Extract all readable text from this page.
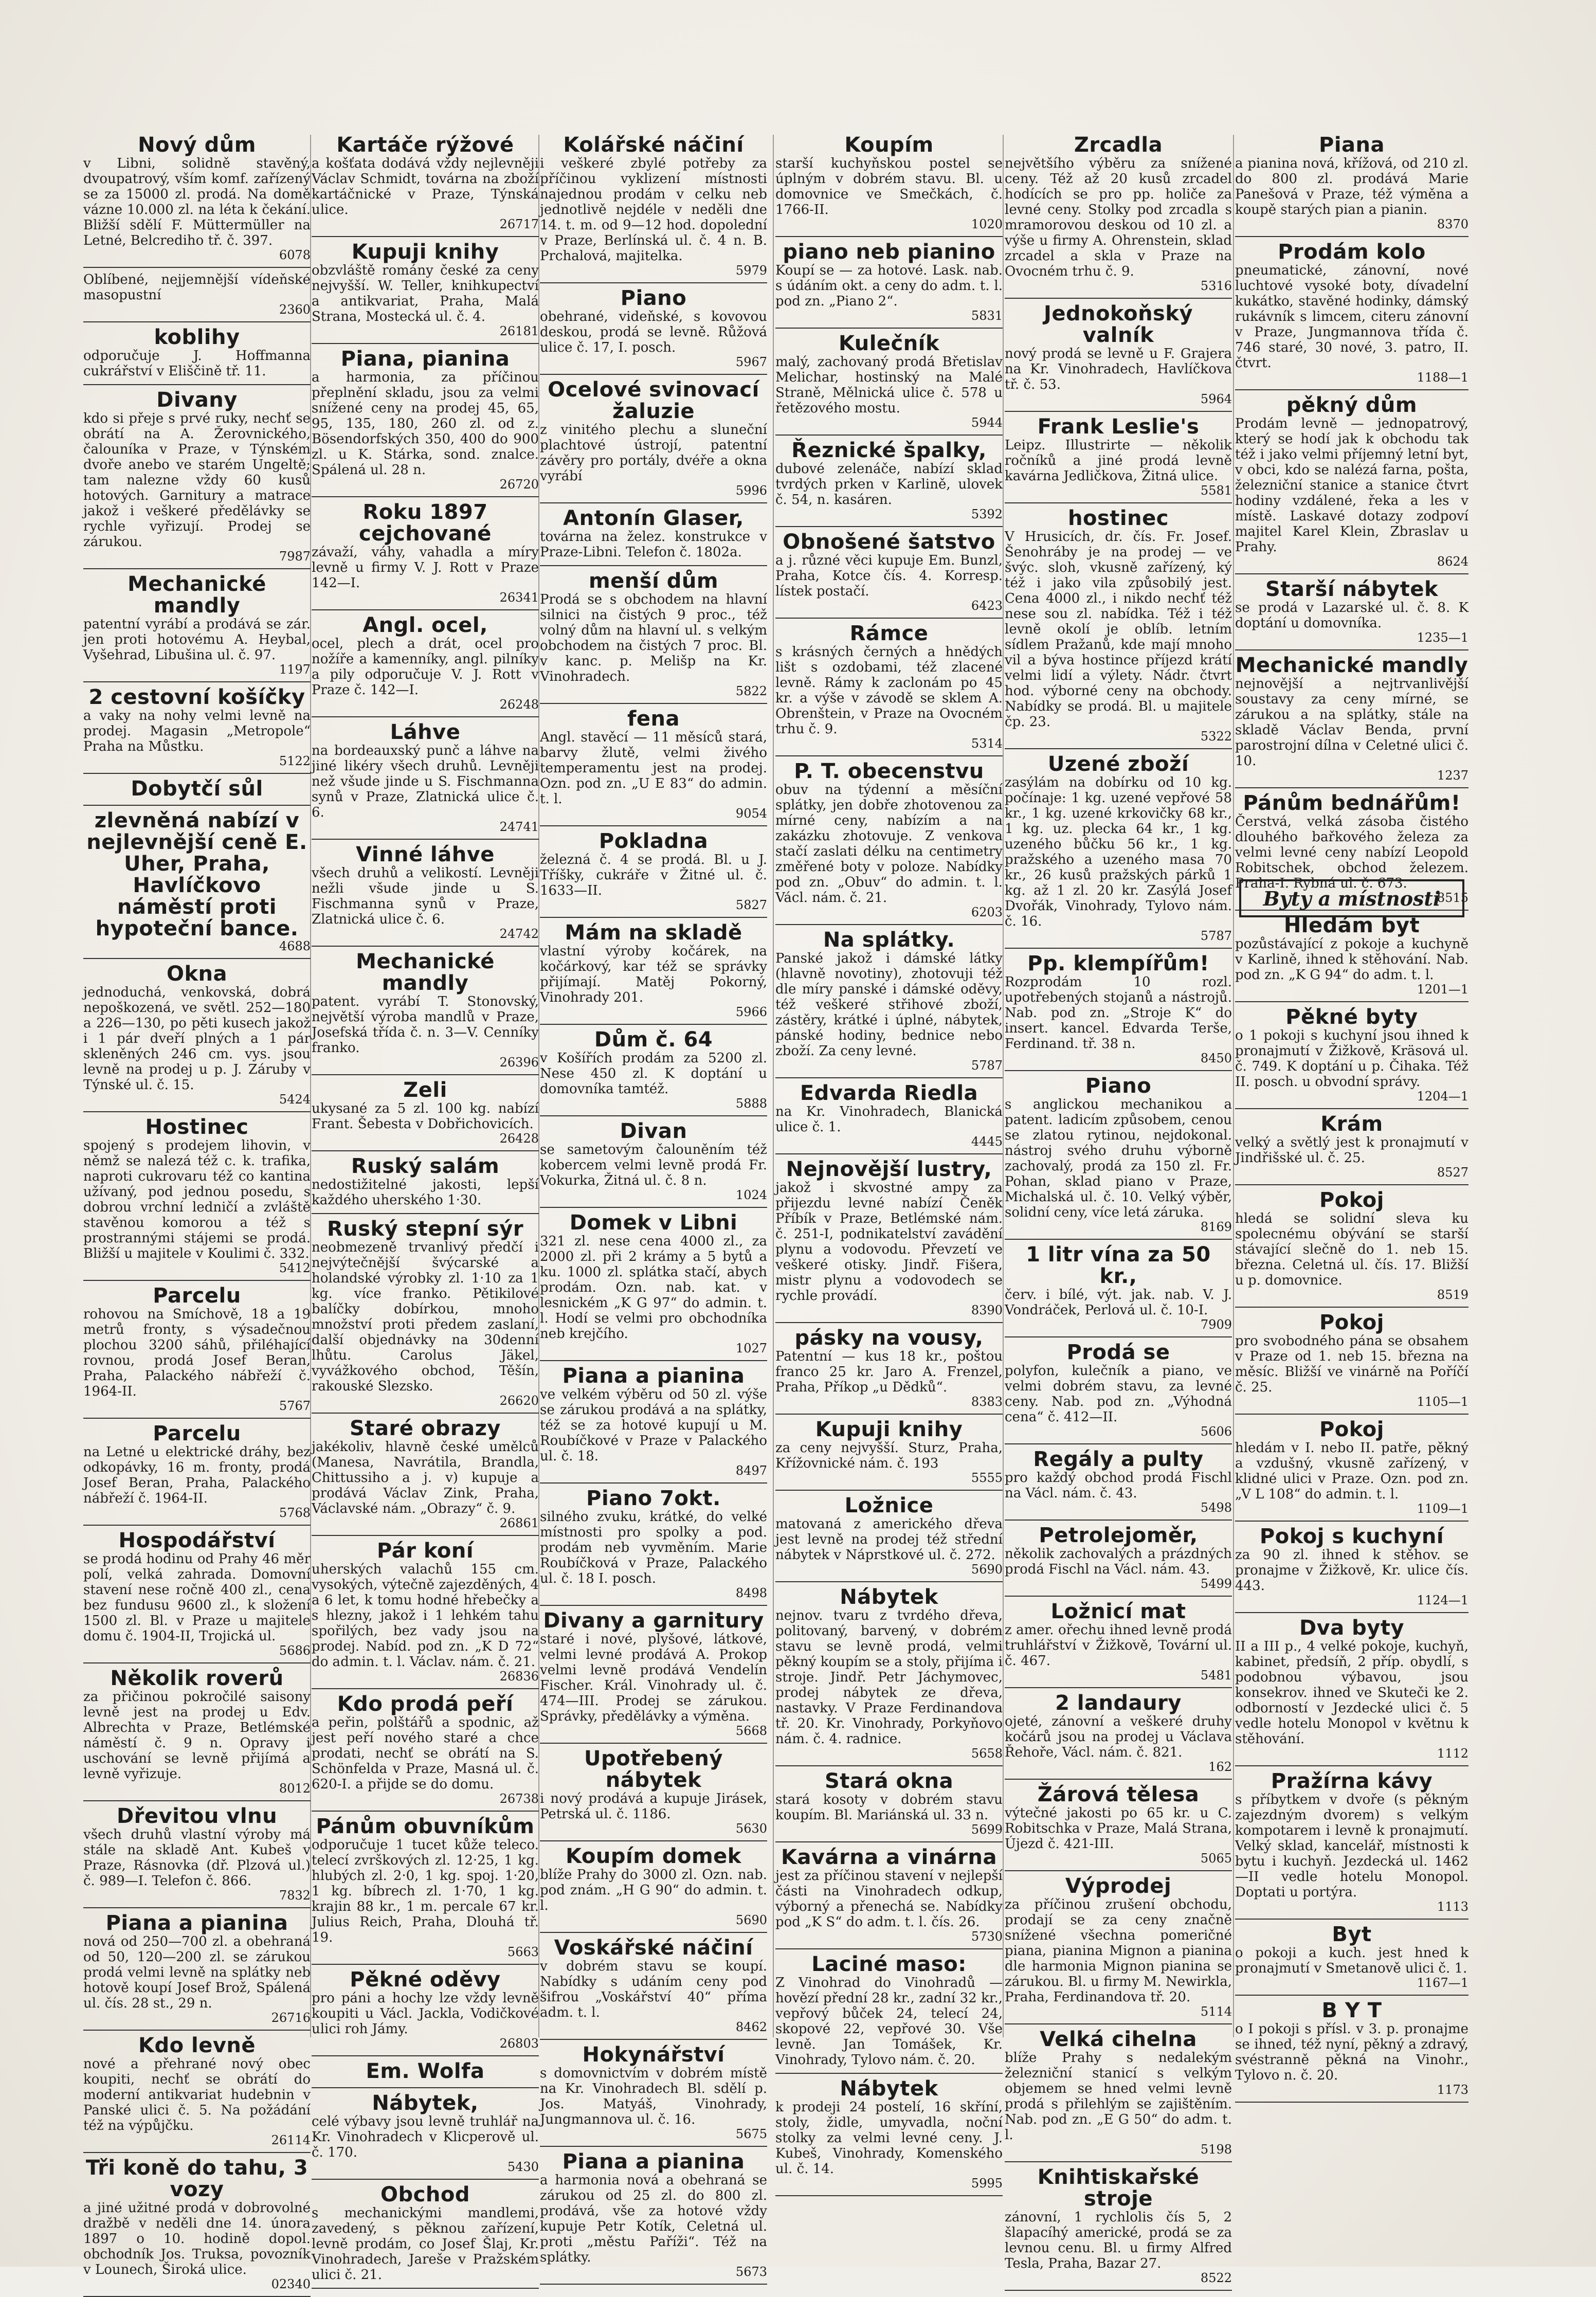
Nový dům

v Libni, solidně stavěný, dvoupatrový, vším komf. zařízený se za 15000 zl. prodá. Na domě vázne 10.000 zl. na léta k čekání. Bližší sdělí F. Müttermüller na Letné, Belcrediho tř. č. 397.

6078

Oblíbené, nejjemnější vídeňské masopustní

2360
koblihy

odporučuje J. Hoffmanna cukrářství v Eliščině tř. 11.

Divany

kdo si přeje s prvé ruky, nechť se obrátí na A. Žerovnického, čalouníka v Praze, v Týnském dvoře anebo ve starém Ungeltě; tam nalezne vždy 60 kusů hotových. Garnitury a matrace jakož i veškeré předělávky se rychle vyřizují. Prodej se zárukou.

7987
Mechanické mandly

patentní vyrábí a prodává se zár. jen proti hotovému A. Heybal, Vyšehrad, Libušina ul. č. 97.

1197
2 cestovní košíčky

a vaky na nohy velmi levně na prodej. Magasin „Metropole“ Praha na Můstku.

5122
Dobytčí sůl
zlevněná nabízí v nejlevnější ceně E. Uher, Praha, Havlíčkovo náměstí proti hypoteční bance.
4688
Okna

jednoduchá, venkovská, dobrá nepoškozená, ve světl. 252—180 a 226—130, po pěti kusech jakož i 1 pár dveří plných a 1 pár skleněných 246 cm. vys. jsou levně na prodej u p. J. Záruby v Týnské ul. č. 15.

5424
Hostinec

spojený s prodejem lihovin, v němž se nalezá též c. k. trafika, naproti cukrovaru též co kantina užívaný, pod jednou posedu, s dobrou vrchní ledničí a zvláště stavěnou komorou a též s prostrannými stájemi se prodá. Bližší u majitele v Koulimi č. 332.

5412
Parcelu

rohovou na Smíchově, 18 a 19 metrů fronty, s výsadečnou plochou 3200 sáhů, přiléhající rovnou, prodá Josef Beran, Praha, Palackého nábřeží č. 1964-II.

5767
Parcelu

na Letné u elektrické dráhy, bez odkopávky, 16 m. fronty, prodá Josef Beran, Praha, Palackého nábřeží č. 1964-II.

5768
Hospodářství

se prodá hodinu od Prahy 46 měr polí, velká zahrada. Domovní stavení nese ročně 400 zl., cena bez fundusu 9600 zl., k složení 1500 zl. Bl. v Praze u majitele domu č. 1904-II, Trojická ul.

5686
Několik roverů

za přičinou pokročilé saisony levně jest na prodej u Edv. Albrechta v Praze, Betlémské náměstí č. 9 n. Opravy i uschování se levně přijímá a levně vyřizuje.

8012
Dřevitou vlnu

všech druhů vlastní výroby má stále na skladě Ant. Kubeš v Praze, Rásnovka (dř. Plzová ul.) č. 989—I. Telefon č. 866.

7832
Piana a pianina

nová od 250—700 zl. a obehraná od 50, 120—200 zl. se zárukou prodá velmi levně na splátky neb hotově koupí Josef Brož, Spálená ul. čís. 28 st., 29 n.

26716
Kdo levně

nové a přehrané nový obec koupiti, nechť se obrátí do moderní antikvariat hudebnin v Panské ulici č. 5. Na požádání též na výpůjčku.

26114
Tři koně do tahu, 3 vozy

a jiné užitné prodá v dobrovolné dražbě v neděli dne 14. února 1897 o 10. hodině dopol. obchodník Jos. Truksa, povozník v Lounech, Široká ulice.

02340
Kartáče rýžové

a košťata dodává vždy nejlevněji Václav Schmidt, továrna na zboží kartáčnické v Praze, Týnská ulice.

26717
Kupuji knihy

obzvláště romány české za ceny nejvyšší. W. Teller, knihkupectví a antikvariat, Praha, Malá Strana, Mostecká ul. č. 4.

26181
Piana, pianina

a harmonia, za příčinou přeplnění skladu, jsou za velmi snížené ceny na prodej 45, 65, 95, 135, 180, 260 zl. od z. Bösendorfských 350, 400 do 900 zl. u K. Stárka, sond. znalce. Spálená ul. 28 n.

26720
Roku 1897 cejchované

závaží, váhy, vahadla a míry levně u firmy V. J. Rott v Praze 142—I.

26341
Angl. ocel,

ocel, plech a drát, ocel pro nožíře a kamenníky, angl. pilníky a pily odporučuje V. J. Rott v Praze č. 142—I.

26248
Láhve

na bordeauxský punč a láhve na jiné likéry všech druhů. Levněji než všude jinde u S. Fischmanna synů v Praze, Zlatnická ulice č. 6.

24741
Vinné láhve

všech druhů a velikostí. Levněji nežli všude jinde u S. Fischmanna synů v Praze, Zlatnická ulice č. 6.

24742
Mechanické mandly

patent. vyrábí T. Stonovský, největší výroba mandlů v Praze, Josefská třída č. n. 3—V. Cenníky franko.

26396
Zeli

ukysané za 5 zl. 100 kg. nabízí Frant. Šebesta v Dobřichovicích.

26428
Ruský salám

nedostižitelné jakosti, lepší každého uherského 1·30.

Ruský stepní sýr

neobmezeně trvanlivý předčí i nejvýtečnější švýcarské a holandské výrobky zl. 1·10 za 1 kg. více franko. Pětikilové balíčky dobírkou, mnoho množství proti předem zaslaní, další objednávky na 30denní lhůtu. Carolus Jäkel, vyvážkového obchod, Těšín, rakouské Slezsko.

26620
Staré obrazy

jakékoliv, hlavně české umělců (Manesa, Navrátila, Brandla, Chittussiho a j. v) kupuje a prodává Václav Zink, Praha, Václavské nám. „Obrazy“ č. 9.

26861
Pár koní

uherských valachů 155 cm. vysokých, výtečně zajezděných, 4 a 6 let, k tomu hodné hřebečky a s hlezny, jakož i 1 lehkém tahu spořilých, bez vady jsou na prodej. Nabíd. pod zn. „K D 72“ do admin. t. l. Václav. nám. č. 21.

26836
Kdo prodá peří

a peřin, polštářů a spodnic, až jest peří nového staré a chce prodati, nechť se obrátí na S. Schönfelda v Praze, Masná ul. č. 620-I. a přijde se do domu.

26738
Pánům obuvníkům

odporučuje 1 tucet kůže teleco. telecí zvrškových zl. 12·25, 1 kg. hlubých zl. 2·0, 1 kg. spoj. 1·20, 1 kg. bíbrech zl. 1·70, 1 kg. krajin 88 kr., 1 m. percale 67 kr. Julius Reich, Praha, Dlouhá tř. 19.

5663
Pěkné oděvy

pro páni a hochy lze vždy levně koupiti u Václ. Jackla, Vodičkové ulici roh Jámy.

26803
Em. Wolfa
Nábytek,

celé výbavy jsou levně truhlář na Kr. Vinohradech v Klicperově ul. č. 170.

5430
Obchod

s mechanickými mandlemi, zavedený, s pěknou zařízení, levně prodám, co Josef Šlaj, Kr. Vinohradech, Jareše v Pražském ulici č. 21.

Kolářské náčiní

i veškeré zbylé potřeby za příčinou vyklizení místnosti najednou prodám v celku neb jednotlivě nejdéle v neděli dne 14. t. m. od 9—12 hod. dopolední v Praze, Berlínská ul. č. 4 n. B. Prchalová, majitelka.

5979
Piano

obehrané, videňské, s kovovou deskou, prodá se levně. Růžová ulice č. 17, I. posch.

5967
Ocelové svinovací žaluzie

z vinitého plechu a sluneční plachtové ústrojí, patentní závěry pro portály, dvéře a okna vyrábí

5996
Antonín Glaser,

továrna na želez. konstrukce v Praze-Libni. Telefon č. 1802a.

menší dům

Prodá se s obchodem na hlavní silnici na čistých 9 proc., též volný dům na hlavní ul. s velkým obchodem na čistých 7 proc. Bl. v kanc. p. Melišp na Kr. Vinohradech.

5822
fena

Angl. stavěcí — 11 měsíců stará, barvy žlutě, velmi živého temperamentu jest na prodej. Ozn. pod zn. „U E 83“ do admin. t. l.

9054
Pokladna

železná č. 4 se prodá. Bl. u J. Tříšky, cukráře v Žitné ul. č. 1633—II.

5827
Mám na skladě

vlastní výroby kočárek, na kočárkový, kar též se správky přijímají. Matěj Pokorný, Vinohrady 201.

5966
Dům č. 64

v Košířích prodám za 5200 zl. Nese 450 zl. K doptání u domovníka tamtéž.

5888
Divan

se sametovým čalouněním též kobercem velmi levně prodá Fr. Vokurka, Žitná ul. č. 8 n.

1024
Domek v Libni

321 zl. nese cena 4000 zl., za 2000 zl. při 2 krámy a 5 bytů a ku. 1000 zl. splátka stačí, abych prodám. Ozn. nab. kat. v lesnickém „K G 97“ do admin. t. l. Hodí se velmi pro obchodníka neb krejčího.

1027
Piana a pianina

ve velkém výběru od 50 zl. výše se zárukou prodává a na splátky, též se za hotové kupují u M. Roubíčkové v Praze v Palackého ul. č. 18.

8497
Piano 7okt.

silného zvuku, krátké, do velké místnosti pro spolky a pod. prodám neb vyvměním. Marie Roubíčková v Praze, Palackého ul. č. 18 I. posch.

8498
Divany a garnitury

staré i nové, plyšové, látkové, velmi levné prodává A. Prokop velmi levně prodává Vendelín Fischer. Král. Vinohrady ul. č. 474—III. Prodej se zárukou. Správky, předělávky a výměna.

5668
Upotřebený nábytek

i nový prodává a kupuje Jirásek, Petrská ul. č. 1186.

5630
Koupím domek

blíže Prahy do 3000 zl. Ozn. nab. pod znám. „H G 90“ do admin. t. l.

5690
Voskářské náčiní

v dobrém stavu se koupí. Nabídky s udáním ceny pod šifrou „Voskářství 40“ příma adm. t. l.

8462
Hokynářství

s domovnictvím v dobrém místě na Kr. Vinohradech Bl. sdělí p. Jos. Matyáš, Vinohrady, Jungmannova ul. č. 16.

5675
Piana a pianina

a harmonia nová a obehraná se zárukou od 25 zl. do 800 zl. prodává, vše za hotové vždy kupuje Petr Kotík, Celetná ul. proti „městu Paříži“. Též na splátky.

5673
Koupím

starší kuchyňskou postel se úplným v dobrém stavu. Bl. u domovnice ve Smečkách, č. 1766-II.

1020
piano neb pianino

Koupí se — za hotové. Lask. nab. s údáním okt. a ceny do adm. t. l. pod zn. „Piano 2“.

5831
Kulečník

malý, zachovaný prodá Břetislav Melichar, hostinský na Malé Straně, Mělnická ulice č. 578 u řetězového mostu.

5944
Řeznické špalky,

dubové zelenáče, nabízí sklad tvrdých prken v Karlině, ulovek č. 54, n. kasáren.

5392
Obnošené šatstvo

a j. různé věci kupuje Em. Bunzl, Praha, Kotce čís. 4. Korresp. lístek postačí.

6423
Rámce

s krásných černých a hnědých lišt s ozdobami, též zlacené levně. Rámy k zaclonám po 45 kr. a výše v závodě se sklem A. Obrenštein, v Praze na Ovocném trhu č. 9.

5314
P. T. obecenstvu

obuv na týdenní a měsíční splátky, jen dobře zhotovenou za mírné ceny, nabízím a na zakázku zhotovuje. Z venkova stačí zaslati délku na centimetry změřené boty v poloze. Nabídky pod zn. „Obuv“ do admin. t. l. Václ. nám. č. 21.

6203
Na splátky.

Panské jakož i dámské látky (hlavně novotiny), zhotovuji též dle míry panské i dámské oděvy, též veškeré střihové zboží, zástěry, krátké i úplné, nábytek, pánské hodiny, bednice nebo zboží. Za ceny levné.

5787
Edvarda Riedla

na Kr. Vinohradech, Blanická ulice č. 1.

4445
Nejnovější lustry,

jakož i skvostné ampy za přijezdu levné nabízí Čeněk Příbík v Praze, Betlémské nám. č. 251-I, podnikatelství zavádění plynu a vodovodu. Převzetí ve veškeré otisky. Jindř. Fišera, mistr plynu a vodovodech se rychle provádí.

8390
pásky na vousy,

Patentní — kus 18 kr., poštou franco 25 kr. Jaro A. Frenzel, Praha, Příkop „u Dědků“.

8383
Kupuji knihy

za ceny nejvyšší. Sturz, Praha, Křížovnické nám. č. 193

5555
Ložnice

matovaná z amerického dřeva jest levně na prodej též střední nábytek v Náprstkové ul. č. 272.

5690
Nábytek

nejnov. tvaru z tvrdého dřeva, politovaný, barvený, v dobrém stavu se levně prodá, velmi pěkný koupím se a stoly, přijíma i stroje. Jindř. Petr Jáchymovec, prodej nábytek ze dřeva, nastavky. V Praze Ferdinandova tř. 20. Kr. Vinohrady, Porkyňovo nám. č. 4. radnice.

5658
Stará okna

stará kosoty v dobrém stavu koupím. Bl. Mariánská ul. 33 n.

5699
Kavárna a vinárna

jest za příčinou stavení v nejlepší části na Vinohradech odkup, výborný a přenechá se. Nabídky pod „K S“ do adm. t. l. čís. 26.

5730
Laciné maso:

Z Vinohrad do Vinohradů — hovězí přední 28 kr., zadní 32 kr., vepřový bůček 24, telecí 24, skopové 22, vepřové 30. Vše levně. Jan Tomášek, Kr. Vinohrady, Tylovo nám. č. 20.

Nábytek

k prodeji 24 postelí, 16 skříní, stoly, židle, umyvadla, noční stolky za velmi levné ceny. J. Kubeš, Vinohrady, Komenského ul. č. 14.

5995
Zrcadla

největšího výběru za snížené ceny. Též až 20 kusů zrcadel hodících se pro pp. holiče za levné ceny. Stolky pod zrcadla s mramorovou deskou od 10 zl. a výše u firmy A. Ohrenstein, sklad zrcadel a skla v Praze na Ovocném trhu č. 9.

5316
Jednokoňský valník

nový prodá se levně u F. Grajera na Kr. Vinohradech, Havlíčkova tř. č. 53.

5964
Frank Leslie's

Leipz. Illustrirte — několik ročníků a jiné prodá levně kavárna Jedličkova, Žitná ulice.

5581
hostinec

V Hrusicích, dr. čís. Fr. Josef. Šenohráby je na prodej — ve švýc. sloh, vkusně zařízený, ký též i jako vila způsobilý jest. Cena 4000 zl., i nikdo nechť též nese sou zl. nabídka. Též i též levně okolí je oblíb. letním sídlem Pražanů, kde mají mnoho vil a býva hostince příjezd krátí velmi lidí a výlety. Nádr. čtvrt hod. výborné ceny na obchody. Nabídky se prodá. Bl. u majitele čp. 23.

5322
Uzené zboží

zasýlám na dobírku od 10 kg. počínaje: 1 kg. uzené vepřové 58 kr., 1 kg. uzené krkovičky 68 kr., 1 kg. uz. plecka 64 kr., 1 kg. uzeného bůčku 56 kr., 1 kg. pražského a uzeného masa 70 kr., 26 kusů pražských párků 1 kg. až 1 zl. 20 kr. Zasýlá Josef Dvořák, Vinohrady, Tylovo nám. č. 16.

5787
Pp. klempířům!

Rozprodám 10 rozl. upotřebených stojanů a nástrojů. Nab. pod zn. „Stroje K“ do insert. kancel. Edvarda Terše, Ferdinand. tř. 38 n.

8450
Piano

s anglickou mechanikou a patent. ladicím způsobem, cenou se zlatou rytinou, nejdokonal. nástroj svého druhu výborně zachovalý, prodá za 150 zl. Fr. Pohan, sklad piano v Praze, Michalská ul. č. 10. Velký výběr, solidní ceny, více letá záruka.

8169
1 litr vína za 50 kr.,

červ. i bílé, výt. jak. nab. V. J. Vondráček, Perlová ul. č. 10-I.

7909
Prodá se

polyfon, kulečník a piano, ve velmi dobrém stavu, za levné ceny. Nab. pod zn. „Výhodná cena“ č. 412—II.

5606
Regály a pulty

pro každý obchod prodá Fischl na Václ. nám. č. 43.

5498
Petrolejoměr,

několik zachovalých a prázdných prodá Fischl na Václ. nám. 43.

5499
Ložnicí mat

z amer. ořechu ihned levně prodá truhlářství v Žižkově, Tovární ul. č. 467.

5481
2 landaury

ojeté, zánovní a veškeré druhy kočárů jsou na prodej u Václava Řehoře, Václ. nám. č. 821.

162
Žárová tělesa

výtečné jakosti po 65 kr. u C. Robitschka v Praze, Malá Strana, Újezd č. 421-III.

5065
Výprodej

za příčinou zrušení obchodu, prodají se za ceny značně snížené všechna pomeričné piana, pianina Mignon a pianina dle harmonia Mignon pianina se zárukou. Bl. u firmy M. Newirkla, Praha, Ferdinandova tř. 20.

5114
Velká cihelna

blíže Prahy s nedalekým železniční stanicí s velkým objemem se hned velmi levně prodá s přilehlým se zajištěním. Nab. pod zn. „E G 50“ do adm. t. l.

5198
Knihtiskařské stroje

zánovní, 1 rychlolis čís 5, 2 šlapacíhý americké, prodá se za levnou cenu. Bl. u firmy Alfred Tesla, Praha, Bazar 27.

8522
Piana

a pianina nová, křížová, od 210 zl. do 800 zl. prodává Marie Panešová v Praze, též výměna a koupě starých pian a pianin.

8370
Prodám kolo

pneumatické, zánovní, nové luchtové vysoké boty, dívadelní kukátko, stavěné hodinky, dámský rukávník s limcem, citeru zánovní v Praze, Jungmannova třída č. 746 staré, 30 nové, 3. patro, II. čtvrt.

1188—1
pěkný dům

Prodám levně — jednopatrový, který se hodí jak k obchodu tak též i jako velmi příjemný letní byt, v obci, kdo se nalézá farna, pošta, železniční stanice a stanice čtvrt hodiny vzdálené, řeka a les v místě. Laskavé dotazy zodpoví majitel Karel Klein, Zbraslav u Prahy.

8624
Starší nábytek

se prodá v Lazarské ul. č. 8. K doptání u domovníka.

1235—1
Mechanické mandly

nejnovější a nejtrvanlivější soustavy za ceny mírné, se zárukou a na splátky, stále na skladě Václav Benda, první parostrojní dílna v Celetné ulici č. 10.

1237
Pánům bednářům!

Čerstvá, velká zásoba čistého dlouhého bařkového železa za velmi levné ceny nabízí Leopold Robitschek, obchod železem. Praha-I. Rybná ul. č. 673.

8515
Hledám byt

pozůstávající z pokoje a kuchyně v Karlině, ihned k stěhování. Nab. pod zn. „K G 94“ do adm. t. l.

1201—1
Pěkné byty

o 1 pokoji s kuchyní jsou ihned k pronajmutí v Žižkově, Kräsová ul. č. 749. K doptání u p. Čihaka. Též II. posch. u obvodní správy.

1204—1
Krám

velký a světlý jest k pronajmutí v Jindřišské ul. č. 25.

8527
Pokoj

hledá se solidní sleva ku spolecnému obývání se starší stávající slečně do 1. neb 15. března. Celetná ul. čís. 17. Bližší u p. domovnice.

8519
Pokoj

pro svobodného pána se obsahem v Praze od 1. neb 15. března na měsíc. Bližší ve vinárně na Poříčí č. 25.

1105—1
Pokoj

hledám v I. nebo II. patře, pěkný a vzdušný, vkusně zařízený, v klidné ulici v Praze. Ozn. pod zn. „V L 108“ do admin. t. l.

1109—1
Pokoj s kuchyní

za 90 zl. ihned k stěhov. se pronajme v Žižkově, Kr. ulice čís. 443.

1124—1
Dva byty

II a III p., 4 velké pokoje, kuchyň, kabinet, předsíň, 2 příp. obydlí, s podobnou výbavou, jsou konsekrov. ihned ve Skuteči ke 2. odborností v Jezdecké ulici č. 5 vedle hotelu Monopol v květnu k stěhování.

1112
Pražírna kávy

s příbytkem v dvoře (s pěkným zajezdným dvorem) s velkým kompotarem i levně k pronajmutí. Velký sklad, kancelář, místnosti k bytu i kuchyň. Jezdecká ul. 1462—II vedle hotelu Monopol. Doptati u portýra.

1113
Byt

o pokoji a kuch. jest hned k pronajmutí v Smetanově ulici č. 1.

1167—1
B Y T

o I pokoji s přísl. v 3. p. pronajme se ihned, též nyní, pěkný a zdravý, svéstranně pěkná na Vinohr., Tylovo n. č. 20.

1173
Byty a místnosti
